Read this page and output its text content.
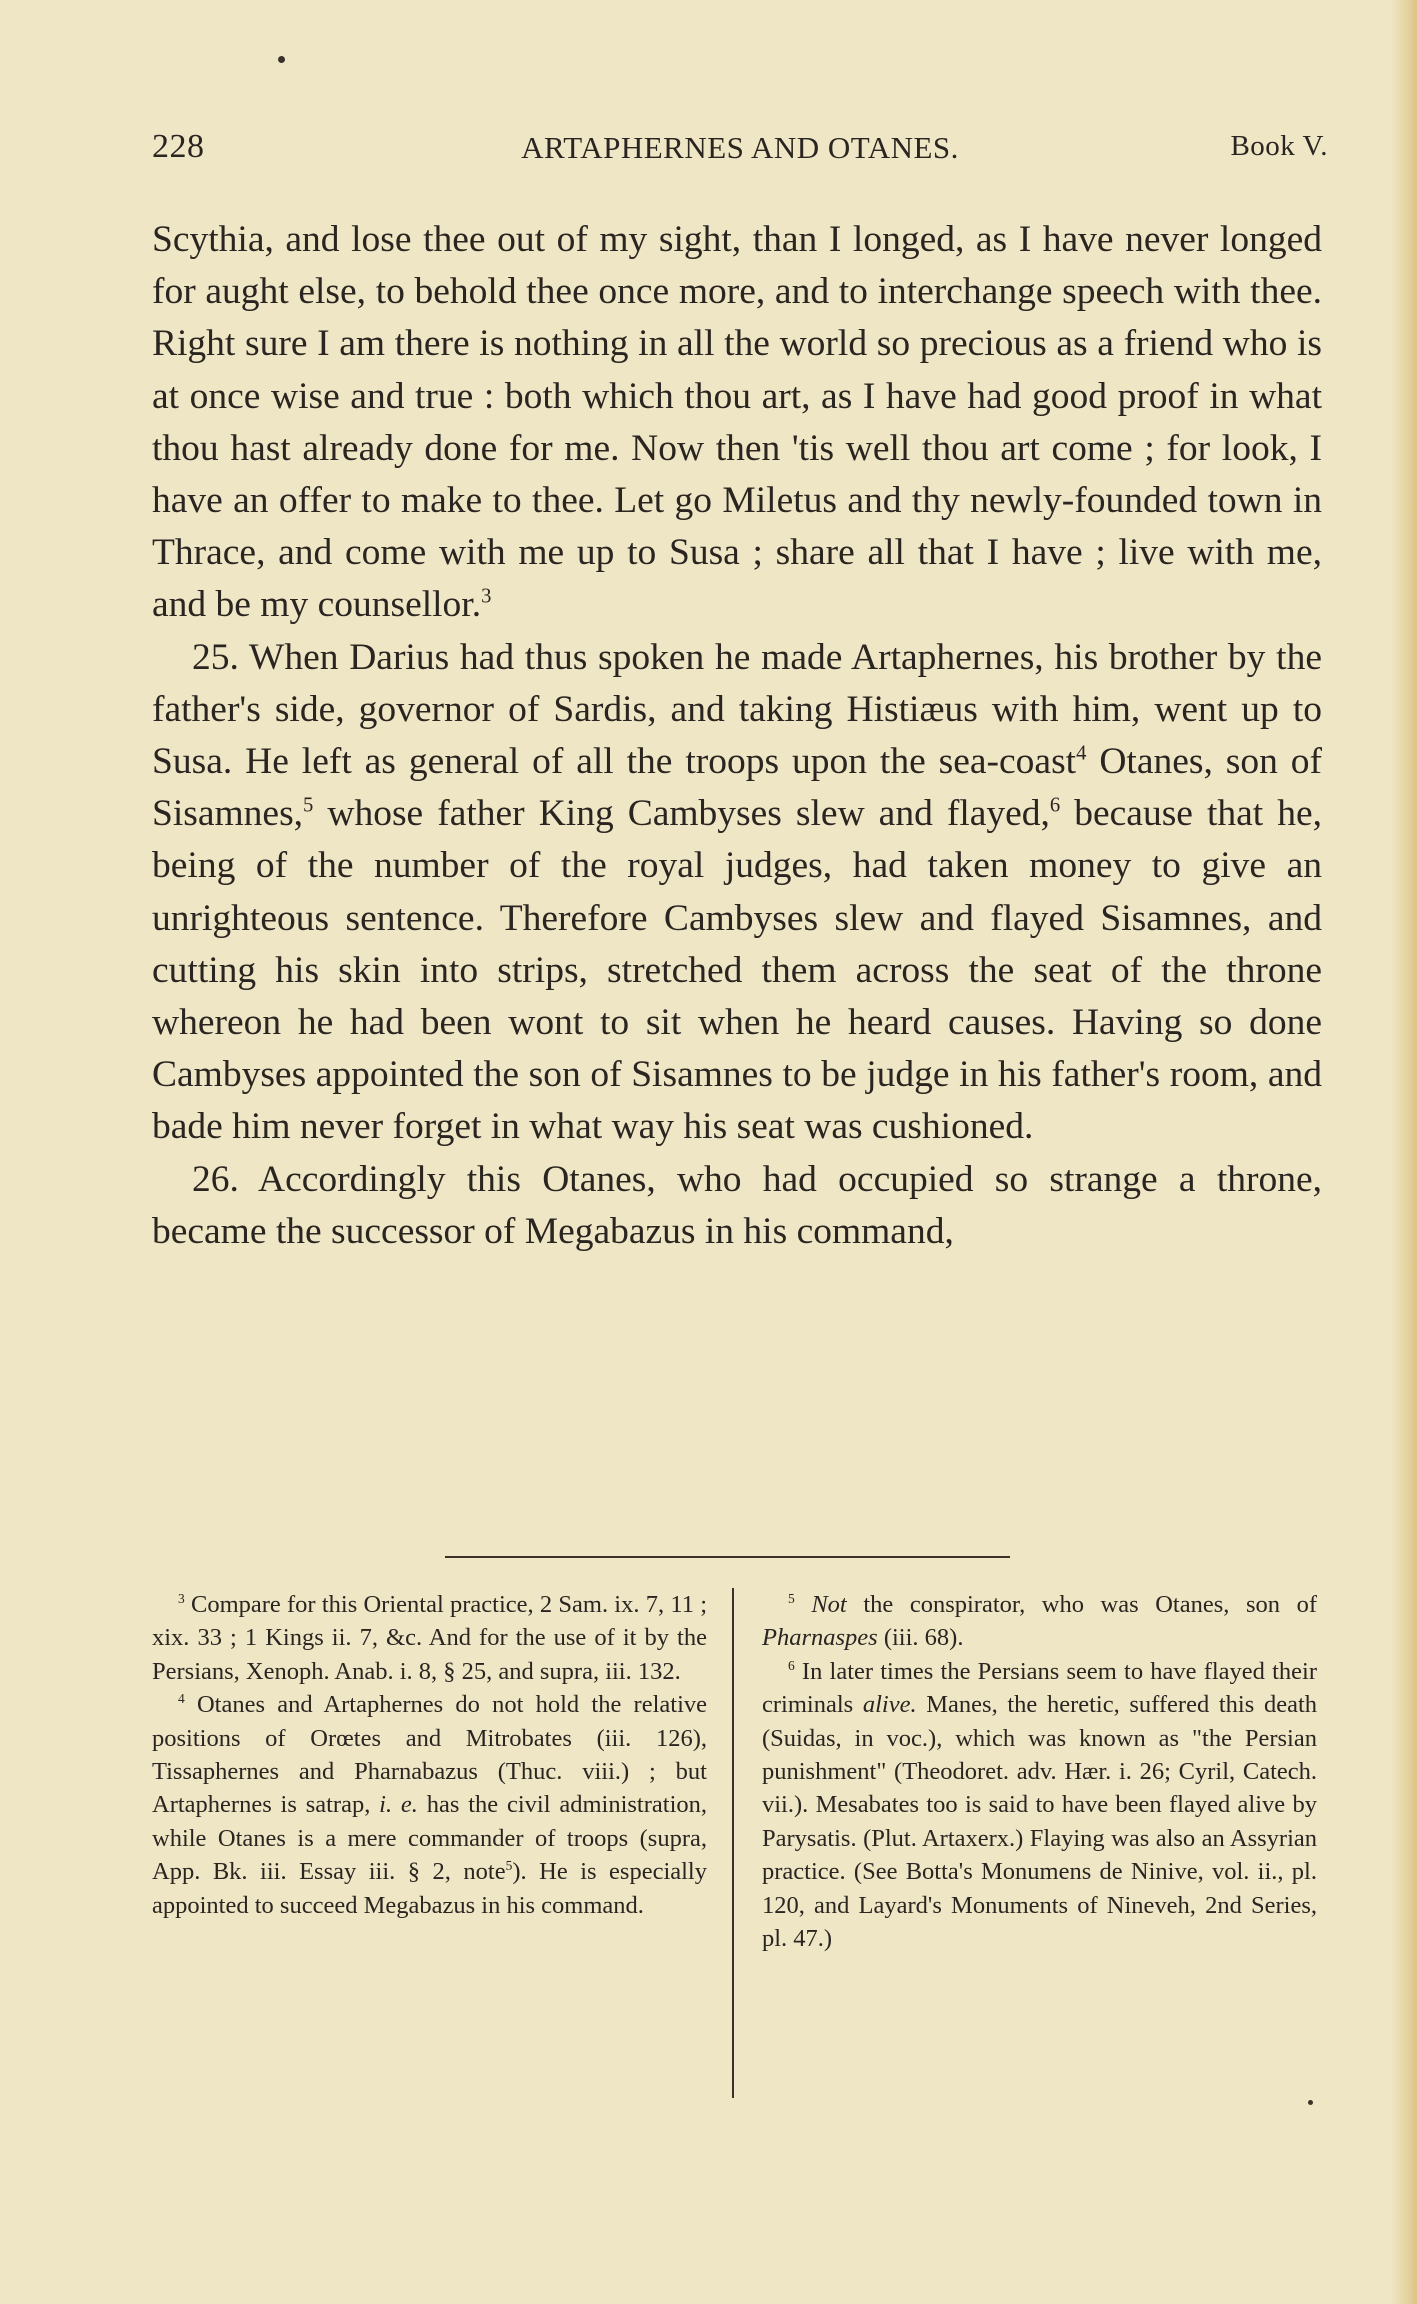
228	ARTAPHERNES AND OTANES.	Book V.

Scythia, and lose thee out of my sight, than I longed, as I have never longed for aught else, to behold thee once more, and to interchange speech with thee. Right sure I am there is nothing in all the world so precious as a friend who is at once wise and true : both which thou art, as I have had good proof in what thou hast already done for me. Now then 'tis well thou art come ; for look, I have an offer to make to thee. Let go Miletus and thy newly-founded town in Thrace, and come with me up to Susa ; share all that I have ; live with me, and be my counsellor.$^3$

25. When Darius had thus spoken he made Artaphernes, his brother by the father's side, governor of Sardis, and taking Histiæus with him, went up to Susa. He left as general of all the troops upon the sea-coast$^4$ Otanes, son of Sisamnes,$^5$ whose father King Cambyses slew and flayed,$^6$ because that he, being of the number of the royal judges, had taken money to give an unrighteous sentence. Therefore Cambyses slew and flayed Sisamnes, and cutting his skin into strips, stretched them across the seat of the throne whereon he had been wont to sit when he heard causes. Having so done Cambyses appointed the son of Sisamnes to be judge in his father's room, and bade him never forget in what way his seat was cushioned.

26. Accordingly this Otanes, who had occupied so strange a throne, became the successor of Megabazus in his command,

$^3$ Compare for this Oriental practice, 2 Sam. ix. 7, 11 ; xix. 33 ; 1 Kings ii. 7, &c. And for the use of it by the Persians, Xenoph. Anab. i. 8, § 25, and supra, iii. 132.

$^4$ Otanes and Artaphernes do not hold the relative positions of Orœtes and Mitrobates (iii. 126), Tissaphernes and Pharnabazus (Thuc. viii.) ; but Artaphernes is satrap, i. e. has the civil administration, while Otanes is a mere commander of troops (supra, App. Bk. iii. Essay iii. § 2, note$^5$). He is especially appointed to succeed Megabazus in his command.

$^5$ Not the conspirator, who was Otanes, son of Pharnaspes (iii. 68).

$^6$ In later times the Persians seem to have flayed their criminals alive. Manes, the heretic, suffered this death (Suidas, in voc.), which was known as "the Persian punishment" (Theodoret. adv. Hær. i. 26; Cyril, Catech. vii.). Mesabates too is said to have been flayed alive by Parysatis. (Plut. Artaxerx.) Flaying was also an Assyrian practice. (See Botta's Monumens de Ninive, vol. ii., pl. 120, and Layard's Monuments of Nineveh, 2nd Series, pl. 47.)
